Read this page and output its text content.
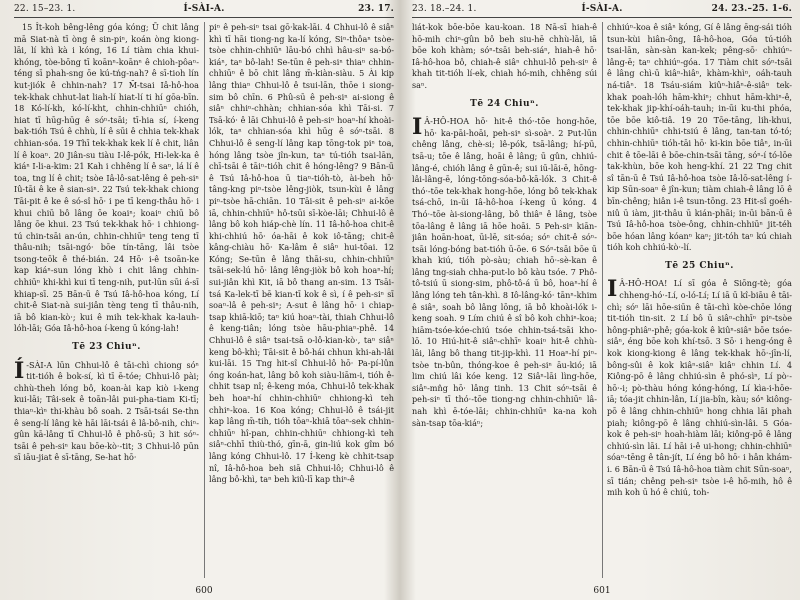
22. 15–23. 1.	Í-SÀI-A.	23. 17.

15 Ît-koh bêng-lêng góa kóng; Ū chit lâng mā Siat-nà tī òng ê sin-piⁿ, koán òng kiong-lāi, lí khì kà i kóng, 16 Lí tiàm chia khui-khóng, tòe-bōng tī koānⁿ-koānⁿ ê chioh-pôaⁿ-téng sī phah-sng ōe kú-tńg-nah? ê sī-tioh lín kut-jiók ê chhin-nah? 17 M̄-tsai Iâ-hô-hoa tek-khak chhut-lat liah-lí hiat-lí ti hí gōa-bīn. 18 Kó-lí-kh, kó-lí-kht, chhin-chhiūⁿ chióh, hiat tī hūg-hūg ê sóⁿ-tsāi; tī-hia sí, í-keng bak-tióh Tsú ê chhù, lí ê sūi ê chhia tek-khak chhian-sóa. 19 Thī tek-khak kek lí ê chit, liân lí ê koaⁿ. 20 Jiân-su tiàu I-lê-pók, Hi-lek-ka ê kiáⁿ I-li-a-kim: 21 Kah i chhêng lí ê saⁿ, lá lí ê toa, tng lí ê chit; tsòe Iâ-lô-sat-lêng ê peh-siⁿ Iû-tāi ê ke ê sian-siⁿ. 22 Tsú tek-khak chiong Tāi-pit ê ke ê só-sî hō· i pe tī keng-thâu hō· i khui chiū bô lâng ōe koaiⁿ; koaiⁿ chiū bô lâng ōe khui. 23 Tsú tek-khak hō· i chhiong-tú chin-tsāi an-ún, chhin-chhiūⁿ teng teng tī thâu-nih; tsāi-ngó· bōe tín-tāng, lâi tsòe tsong-teōk ê thé-bián. 24 Hō· i-ê tsoān-ke kap kiáⁿ-sun lóng khò i chit lâng chhin-chhiūⁿ khi-khì kui tī teng-nih, put-lūn sūi á-sī khiap-sī. 25 Bān-ū ê Tsú Iâ-hô-hoa kóng, Lí chit-ê Siat-nà sui-jiân tèng teng tī thâu-nih, iā bô kian-kò·; kui ê mih tek-khak ka-lauh-lóh-lāi; Góa Iâ-hô-hoa í-keng ū kóng-lah!

Tē 23 Chiuⁿ.

Í -SÀI-A lūn Chhui-lô ê tāi-chì chiong sóⁿ tit-tióh ê bok-sí, kì tī ē-tóe; Chhui-lô pài; chhù-theh lóng bô, koan-ài kap kiò i-keng kui-lāi; Tâi-sek ê toān-lâi pui-pha-tiam Ki-tī; thiaⁿ-kìⁿ thi-khàu bô soah. 2 Tsāi-tsái Se-thn ê seng-lí lâng kè hāi lāi-tsái ê lâ-bô-nih, chiⁿ-gûn kā-lâng tī Chhui-lô ê phô-sū; 3 hit sóⁿ-tsāi ê peh-siⁿ kau bōe-kò·-tit; 3 Chhui-lô pūn sī iāu-jiat ê sī-tāng, Se-hat hō·

piⁿ ê peh-siⁿ tsai gō·kak-lāi. 4 Chhui-lô ê siâⁿ khì tī hāi tiong-ng ka-lí kóng, Siⁿ-thôaⁿ tsòe-tsòe chhin-chhiūⁿ lāu-bó chhì hâu-siⁿ sa-bó-kiáⁿ, taⁿ bô-lah! Se-tūn ê peh-siⁿ thiaⁿ chhin-chhiūⁿ ê bō chit lâng m̄-kiàn-siàu. 5 Ài kip lâng thiaⁿ Chhui-lô ê tsui-lān, thōe i siong-sim bô chīn. 6 Phû-sū ê peh-siⁿ ai-siong ê siâⁿ chhiⁿ-chhàn; chhian-sóa khì Tāi-si. 7 Tsā-kó· ê lāi Chhui-lô ê peh-siⁿ hoaⁿ-hí khoài-lók, taⁿ chhian-sóa khì hūg ê sóⁿ-tsāi. 8 Chhui-lô ê seng-lí lâng kap tōng-tok piⁿ toa, hóng lâng tsòe jîn-kun, taⁿ tú-tióh tsai-lān, chī-tsāi ê tāiⁿ-tióh chit ê hóng-lêng? 9 Bān-ū ê Tsú Iâ-hô-hoa ū tiaⁿ-tióh-tò, ài-beh hō· tâng-kng piⁿ-tsòe lêng-jiòk, tsun-kùi ê lâng piⁿ-tsòe hā-chiān. 10 Tāi-sit ê peh-siⁿ ai-kōe iā, chhin-chhiūⁿ hô-tsūi sī-kòe-lāi; Chhui-lô ê lâng bô koh hiáp-chè lín. 11 Iâ-hô-hoa chit-ê khi-chhiú hō· óa-hāi ê kok iô-tāng; chit-ê kâng-chiàu hō· Ka-lâm ê siâⁿ hui-tōai. 12 Kóng; Se-tūn ê lâng thāi-su, chhin-chhiūⁿ tsāi-sek-lú hō· lâng lêng-jiòk bô koh hoaⁿ-hí; sui-jiân khì Kit, iā bô thang an-sim. 13 Tsāi-tsá Ka-lek-tī bē kian-tī kok ê sì, í ê peh-siⁿ sī soaⁿ-lâ ê peh-siⁿ; A-sut ê lâng hō· i chiap-tsap khiā-kiō; taⁿ kiú hoaⁿ-tài, thiah Chhui-lô ê keng-tiân; lóng tsòe hāu-phiaⁿ-phê. 14 Chhui-lô ê siâⁿ tsai-tsā o-lô-kian-kò·, taⁿ siâⁿ keng bô-khì; Tāi-sit ê bô-hái chhun khi-ah-lâi kui-lāi. 15 Tng hit-sî Chhui-lô hō· Pa-pí-lûn óng koán-hat, lâng bô koh siàu-liām-i, tióh ê-chhit tsap nî; ê-keng móa, Chhui-lô tek-khak beh hoaⁿ-hí chhin-chhiūⁿ chhiong-kì teh chhiⁿ-koa. 16 Koa kóng; Chhui-lô ê tsái-jit kap lâng m̄-tih, tióh tōaⁿ-khiā tōaⁿ-sek chhin-chhiūⁿ hî-pan, chhin-chhiūⁿ chhiong-kì teh siâⁿ-chhī thiù-thó, gīn-ā, gin-liú kok gîm bó lâng kóng Chhui-lô. 17 Í-keng kè chhit-tsap nî, Iâ-hô-hoa beh siā Chhui-lô; Chhui-lô ê lâng bô-khì, taⁿ beh kiû-lī kap thiⁿ-ê

600
23. 18.–24. 1.	Í-SÀI-A.	24. 23.–25. 1-6.

liát-kok bōe-bōe kau-koan. 18 Nā-sī hiah-ê hō-mih chiⁿ-gûn bô beh siu-hē chhù-lāi, iā bōe koh khàm; sóⁿ-tsāi beh-siáⁿ, hiah-ê hō· Iâ-hô-hoa bô, chiah-ê siâⁿ chhui-lô peh-siⁿ ê khah tit-tióh lí-ek, chiah hó-mih, chhêng súi saⁿ.

Tē 24 Chiuⁿ.

I Â-HÔ-HOA hō· hit-ê thó·-tōe hong-hōe, hō· ka-pāi-hoāi, peh-siⁿ sì-soàⁿ. 2 Put-lūn chêng lâng, chè-si; lê-pók, tsā-lâng; hí-pū, tsā-u; tōe ê lâng, hoāi ê lâng; ū gûn, chhiú-lâng-é, chióh lâng ê gūn-ê; sui iū-lāi-ē, hōng-lâi-lâng-ē, lóng-tōng-sóa-bô-kā-lók. 3 Chit-ê thó·-tōe tek-khak hong-hōe, lóng bô tek-khak tsá-chō, in-ūi Iâ-hô-hoa í-keng ū kóng. 4 Thó·-tōe ài-siong-lâng, bô thiâⁿ ê lâng, tsòe tōa-lâng ê lâng iā hōe hoāi. 5 Peh-siⁿ kiān-jiân hoān-hoat, ūi-lē, sit-sóa; sóⁿ chit-ê sóⁿ-tsāi lóng-bóng bat-tióh ū-ōe. 6 Sóⁿ-tsāi bōe ū khah kiú, tióh pò-sàu; chiah hō·-sè-kan ê lâng tng-siah chha-put-lo bô kàu tsóe. 7 Phô-tô-tsiú ū siong-sim, phô-tô-á ū bô, hoaⁿ-hí ê lâng lóng teh tân-khì. 8 Iô-lâng-kó· tānⁿ-khim ê siâⁿ, soah bô lâng lōng, iā bô khoài-lók i-keng soah. 9 Lím chiú ê sî bô koh chhiⁿ-koa; hiām-tsóe-kóe-chiú tsóe chhin-tsá-tsāi kho-lō. 10 Hiú-hit-ê siâⁿ-chhīⁿ koaiⁿ hit-ê chhù-lāi, lâng bô thang tit-jip-khì. 11 Hoaⁿ-hí piⁿ-tsòe tn-bûn, thóng-koe ê peh-siⁿ āu-kió; iā lim chiú lâi kóe keng. 12 Siâⁿ-lāi lìng-hōe, siâⁿ-mn̂g hō· lâng tinh. 13 Chit sóⁿ-tsāi ê peh-siⁿ tī thó·-tōe tiong-ng chhin-chhiūⁿ lâ-nah khì ē-tóe-lāi; chhin-chhiūⁿ ka-na koh sàn-tsap tōa-kiáⁿ;

chhiúⁿ-koa ê siâⁿ kóng, Gí ê lâng ēng-sái tióh tsun-kùi hiân-ông, Iâ-hô-hoa, Góa tú-tióh tsai-lān, sàn-sàn kan-kek; pêng-sō· chhiúⁿ-lâng-ē; taⁿ chhiúⁿ-góa. 17 Tiàm chit sóⁿ-tsāi ê lâng chì-ū kiâⁿ-hiâⁿ, khàm-khìⁿ, oáh-tauh ná-tiâⁿ. 18 Tsáu-siám kiûⁿ-hiâⁿ-ê-siâⁿ tek-khak poah-lóh hām-khiⁿ; chhut hām-khiⁿ-ê, tek-khak jip-khí-oáh-tauh; in-ūi ku-thi phóa, tōe bōe kiô-tiâ. 19 20 Tōe-tāng, lih-khui, chhin-chhiūⁿ chhi-tsiú ê lâng, tan-tan tó-tó; chhin-chhiūⁿ tióh-tāi hō· ki-kin bōe tiâⁿ, in-ūi chit ê tōe-lāi ê bōe-chin-tsāi tāng, sóⁿ-í tó-lōe tak-khùn, bōe koh heng-khí. 21 22 Tng chit sî tān-ū ê Tsú Iâ-hô-hoa tsòe Iâ-lō-sat-lêng í-kip Sūn-soaⁿ ê jîn-kun; tiàm chiah-ê lâng lō ê bīn-chêng; hiân i-ê tsun-tōng. 23 Hit-sî goéh-niû ū iàm, jit-thâu ū kián-phāi; in-ūi bān-ū ê Tsú Iâ-hô-hoa tsòe-ông, chhin-chhiūⁿ jit-téh bōe hóan lâng kóanⁿ kaⁿ; jit-tóh taⁿ kú chiah tióh koh chhiú-kò·-lí.

Tē 25 Chiuⁿ.

I Â-HÔ-HOA! Lí sī góa ê Siōng-tè; góa chheng-hó·-Lí, o-ló-Lí; Lí iā ū kî-biāu ê tāi-chì; sóⁿ lāi hōe-siūn ê tāi-chì kòe-chōe lóng tit-tióh tin-sit. 2 Lí bô ū siâⁿ-chhīⁿ piⁿ-tsòe hông-phiâⁿ-phê; góa-kok ê kiûⁿ-siâⁿ bōe tsóe-siâⁿ, éng bōe koh khí-tsō. 3 Sō· i heng-óng ê kok kiong-kiong ê lâng tek-khak hō·-jīn-lí, bông-sûi ê kok kiâⁿ-siâⁿ kiâⁿ chhin Lí. 4 Kiông-pō ê lâng chhiú-sìn ê phó-sìⁿ, Lí pò·-hō·-i; pò-thàu hóng kóng-hóng, Lí kìa-i-hōe-iā; tóa-jit chhin-lân, Lí jia-bîn, kàu; sóⁿ kiông-pō ê lâng chhin-chhiūⁿ hong chhia lāi phah piah; kiông-pō ê lâng chhiú-sìn-lâi. 5 Góa-kok ê peh-siⁿ hoah-hiàm lāi; kiông-pō ê lâng chhiú-sìn lāi. Lí hāi i-ê ui-hong; chhin-chhiūⁿ sóaⁿ-tēng ê tân-jít, Lí éng bô hō· i hân khám-i. 6 Bān-ū ê Tsú Iâ-hô-hoa tiàm chit Sūn-soaⁿ, sī tián; chêng peh-siⁿ tsòe i-ê hō-mih, hô ê mih koh ū hó ê chiú, toh-

601
